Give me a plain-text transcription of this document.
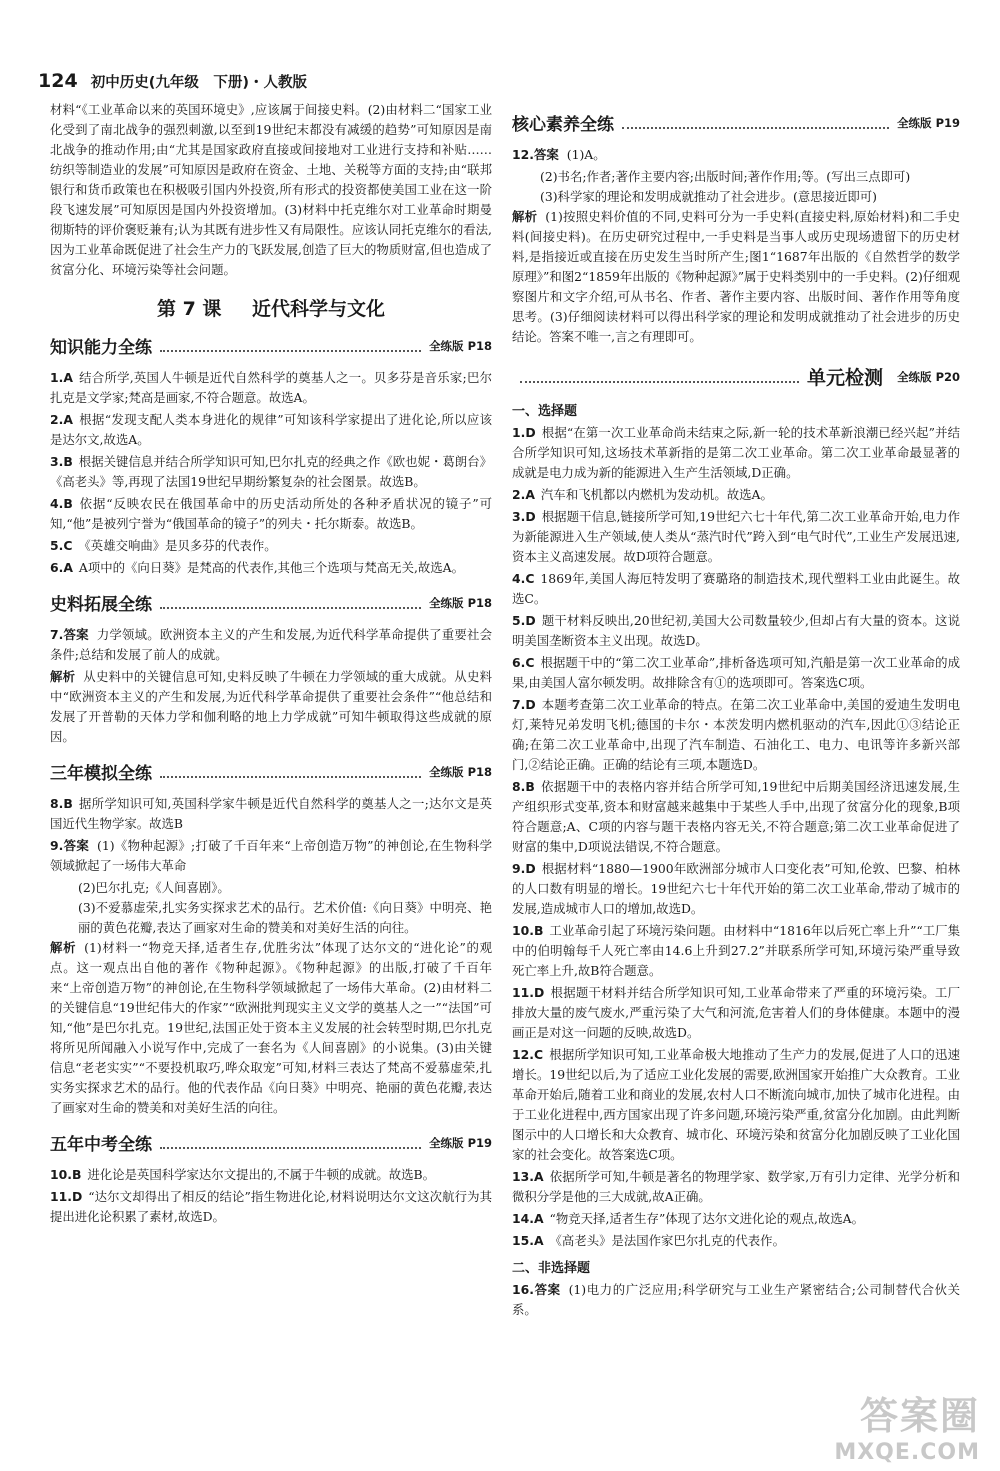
124 初中历史(九年级　下册)・人教版

材料“《工业革命以来的英国环境史》,应该属于间接史料。(2)由材料二“国家工业化受到了南北战争的强烈刺激,以至到19世纪末都没有减缓的趋势”可知原因是南北战争的推动作用;由“尤其是国家政府直接或间接地对工业进行支持和补贴……纺织等制造业的发展”可知原因是政府在资金、土地、关税等方面的支持;由“联邦银行和货币政策也在积极吸引国内外投资,所有形式的投资都使美国工业在这一阶段飞速发展”可知原因是国内外投资增加。(3)材料中托克维尔对工业革命时期曼彻斯特的评价褒贬兼有;认为其既有进步性又有局限性。应该认同托克维尔的看法,因为工业革命既促进了社会生产力的飞跃发展,创造了巨大的物质财富,但也造成了贫富分化、环境污染等社会问题。

第 7 课 近代科学与文化
知识能力全练	全练版 P18

1.A 结合所学,英国人牛顿是近代自然科学的奠基人之一。贝多芬是音乐家;巴尔扎克是文学家;梵高是画家,不符合题意。故选A。

2.A 根据“发现支配人类本身进化的规律”可知该科学家提出了进化论,所以应该是达尔文,故选A。

3.B 根据关键信息并结合所学知识可知,巴尔扎克的经典之作《欧也妮・葛朗台》《高老头》等,再现了法国19世纪早期纷繁复杂的社会图景。故选B。

4.B 依据“反映农民在俄国革命中的历史活动所处的各种矛盾状况的镜子”可知,“他”是被列宁誉为“俄国革命的镜子”的列夫・托尔斯泰。故选B。

5.C 《英雄交响曲》是贝多芬的代表作。

6.A A项中的《向日葵》是梵高的代表作,其他三个选项与梵高无关,故选A。

史料拓展全练	全练版 P18

7.答案 力学领域。欧洲资本主义的产生和发展,为近代科学革命提供了重要社会条件;总结和发展了前人的成就。

解析 从史料中的关键信息可知,史料反映了牛顿在力学领域的重大成就。从史料中“欧洲资本主义的产生和发展,为近代科学革命提供了重要社会条件”“他总结和发展了开普勒的天体力学和伽利略的地上力学成就”可知牛顿取得这些成就的原因。

三年模拟全练	全练版 P18

8.B 据所学知识可知,英国科学家牛顿是近代自然科学的奠基人之一;达尔文是英国近代生物学家。故选B

9.答案 (1)《物种起源》;打破了千百年来“上帝创造万物”的神创论,在生物科学领域掀起了一场伟大革命

(2)巴尔扎克;《人间喜剧》。

(3)不爱慕虚荣,扎实务实探求艺术的品行。艺术价值:《向日葵》中明亮、艳丽的黄色花瓣,表达了画家对生命的赞美和对美好生活的向往。

解析 (1)材料一“物竞天择,适者生存,优胜劣汰”体现了达尔文的“进化论”的观点。这一观点出自他的著作《物种起源》。《物种起源》的出版,打破了千百年来“上帝创造万物”的神创论,在生物科学领域掀起了一场伟大革命。(2)由材料二的关键信息“19世纪伟大的作家”“欧洲批判现实主义文学的奠基人之一”“法国”可知,“他”是巴尔扎克。19世纪,法国正处于资本主义发展的社会转型时期,巴尔扎克将所见所闻融入小说写作中,完成了一套名为《人间喜剧》的小说集。(3)由关键信息“老老实实”“不要投机取巧,哗众取宠”可知,材料三表达了梵高不爱慕虚荣,扎实务实探求艺术的品行。他的代表作品《向日葵》中明亮、艳丽的黄色花瓣,表达了画家对生命的赞美和对美好生活的向往。

五年中考全练	全练版 P19

10.B 进化论是英国科学家达尔文提出的,不属于牛顿的成就。故选B。

11.D “达尔文却得出了相反的结论”指生物进化论,材料说明达尔文这次航行为其提出进化论积累了素材,故选D。

核心素养全练	全练版 P19

12.答案 (1)A。

(2)书名;作者;著作主要内容;出版时间;著作作用;等。(写出三点即可)

(3)科学家的理论和发明成就推动了社会进步。(意思接近即可)

解析 (1)按照史料价值的不同,史料可分为一手史料(直接史料,原始材料)和二手史料(间接史料)。在历史研究过程中,一手史料是当事人或历史现场遗留下的历史材料,是指接近或直接在历史发生当时所产生;图1“1687年出版的《自然哲学的数学原理》”和图2“1859年出版的《物种起源》”属于史料类别中的一手史料。(2)仔细观察图片和文字介绍,可从书名、作者、著作主要内容、出版时间、著作作用等角度思考。(3)仔细阅读材料可以得出科学家的理论和发明成就推动了社会进步的历史结论。答案不唯一,言之有理即可。

单元检测 全练版 P20
一、选择题

1.D 根据“在第一次工业革命尚未结束之际,新一轮的技术革新浪潮已经兴起”并结合所学知识可知,这场技术革新指的是第二次工业革命。第二次工业革命最显著的成就是电力成为新的能源进入生产生活领域,D正确。

2.A 汽车和飞机都以内燃机为发动机。故选A。

3.D 根据题干信息,链接所学可知,19世纪六七十年代,第二次工业革命开始,电力作为新能源进入生产领域,使人类从“蒸汽时代”跨入到“电气时代”,工业生产发展迅速,资本主义高速发展。故D项符合题意。

4.C 1869年,美国人海厄特发明了赛璐珞的制造技术,现代塑料工业由此诞生。故选C。

5.D 题干材料反映出,20世纪初,美国大公司数量较少,但却占有大量的资本。这说明美国垄断资本主义出现。故选D。

6.C 根据题干中的“第二次工业革命”,排析备选项可知,汽船是第一次工业革命的成果,由美国人富尔顿发明。故排除含有①的选项即可。答案选C项。

7.D 本题考查第二次工业革命的特点。在第二次工业革命中,美国的爱迪生发明电灯,莱特兄弟发明飞机;德国的卡尔・本茨发明内燃机驱动的汽车,因此①③结论正确;在第二次工业革命中,出现了汽车制造、石油化工、电力、电讯等许多新兴部门,②结论正确。正确的结论有三项,本题选D。

8.B 依据题干中的表格内容并结合所学可知,19世纪中后期美国经济迅速发展,生产组织形式变革,资本和财富越来越集中于某些人手中,出现了贫富分化的现象,B项符合题意;A、C项的内容与题干表格内容无关,不符合题意;第二次工业革命促进了财富的集中,D项说法错误,不符合题意。

9.D 根据材料“1880—1900年欧洲部分城市人口变化表”可知,伦敦、巴黎、柏林的人口数有明显的增长。19世纪六七十年代开始的第二次工业革命,带动了城市的发展,造成城市人口的增加,故选D。

10.B 工业革命引起了环境污染问题。由材料中“1816年以后死亡率上升”“工厂集中的伯明翰每千人死亡率由14.6上升到27.2”并联系所学可知,环境污染严重导致死亡率上升,故B符合题意。

11.D 根据题干材料并结合所学知识可知,工业革命带来了严重的环境污染。工厂排放大量的废气废水,严重污染了大气和河流,危害着人们的身体健康。本题中的漫画正是对这一问题的反映,故选D。

12.C 根据所学知识可知,工业革命极大地推动了生产力的发展,促进了人口的迅速增长。19世纪以后,为了适应工业化发展的需要,欧洲国家开始推广大众教育。工业革命开始后,随着工业和商业的发展,农村人口不断流向城市,加快了城市化进程。由于工业化进程中,西方国家出现了许多问题,环境污染严重,贫富分化加剧。由此判断图示中的人口增长和大众教育、城市化、环境污染和贫富分化加剧反映了工业化国家的社会变化。故答案选C项。

13.A 依据所学可知,牛顿是著名的物理学家、数学家,万有引力定律、光学分析和微积分学是他的三大成就,故A正确。

14.A “物竞天择,适者生存”体现了达尔文进化论的观点,故选A。

15.A 《高老头》是法国作家巴尔扎克的代表作。

二、非选择题

16.答案 (1)电力的广泛应用;科学研究与工业生产紧密结合;公司制替代合伙关系。

答案圈
MXQE.COM
